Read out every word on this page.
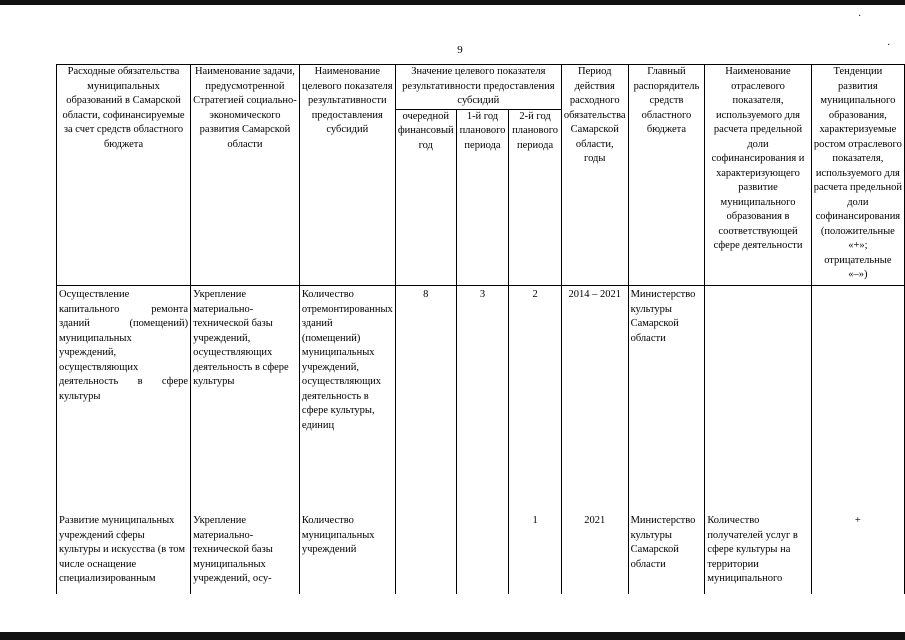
9
·
·
Расходные обязательства муниципальных образований в Самарской области, софинансируемые за счет средств областного бюджета	Наименование задачи, предусмотренной Стратегией социально-экономического развития Самарской области	Наименование целевого показателя результативности предоставления субсидий	Значение целевого показателя результативности предоставления субсидий			Период действия расходного обязательства Самарской области, годы	Главный распорядитель средств областного бюджета	Наименование отраслевого показателя, используемого для расчета предельной доли софинансирования и характеризующего развитие муниципального образования в соответствующей сфере деятельности	Тенденции развития муниципального образования, характеризуемые ростом отраслевого показателя, используемого для расчета предельной доли софинансирования (положительные «+»; отрицательные «–»)
			очередной финансовый год	1-й год планового периода	2-й год планового периода				
Осуществление капитального ремонта зданий (помещений) муниципальных учреждений, осуществляющих деятельность в сфере культуры	Укрепление материально-технической базы учреждений, осуществляющих деятельность в сфере культуры	Количество отремонтированных зданий (помещений) муниципальных учреждений, осуществляющих деятельность в сфере культуры, единиц	8	3	2	2014 – 2021	Министерство культуры Самарской области		
Развитие муниципальных учреждений сферы культуры и искусства (в том числе оснащение специализированным	Укрепление материально-технической базы муниципальных учреждений, осу-	Количество муниципальных учреждений			1	2021	Министерство культуры Самарской области	Количество получателей услуг в сфере культуры на территории муниципального	+
